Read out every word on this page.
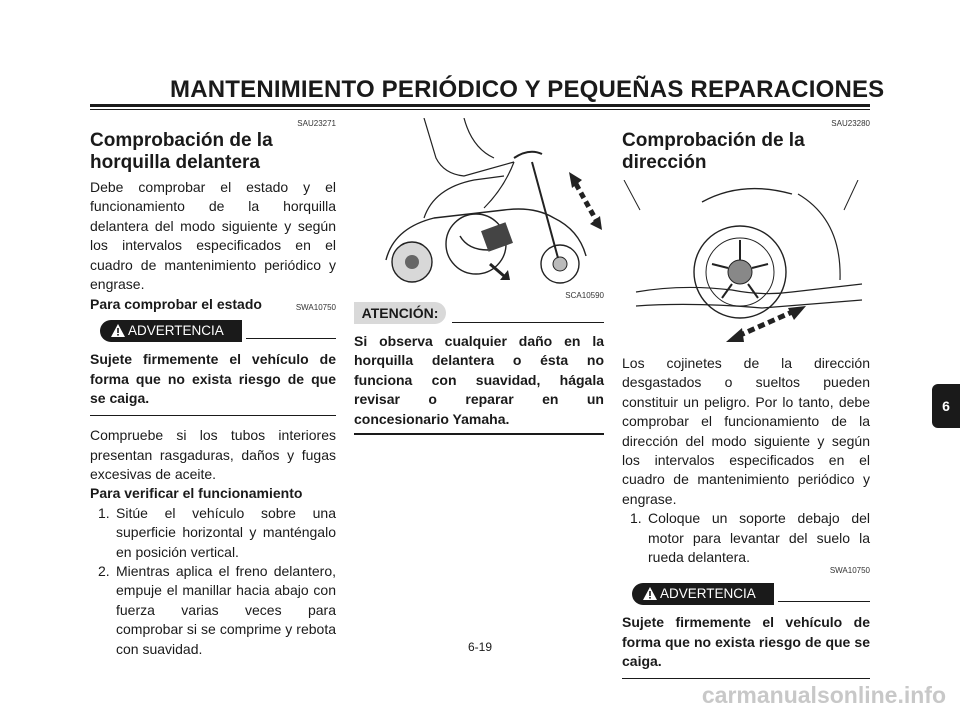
MANTENIMIENTO PERIÓDICO Y PEQUEÑAS REPARACIONES
SAU23271
Comprobación de la horquilla delantera

Debe comprobar el estado y el funcionamiento de la horquilla delantera del modo siguiente y según los intervalos especificados en el cuadro de mantenimiento periódico y engrase.

Para comprobar el estado	SWA10750
ADVERTENCIA

Sujete firmemente el vehículo de forma que no exista riesgo de que se caiga.

Compruebe si los tubos interiores presentan rasgaduras, daños y fugas excesivas de aceite.

Para verificar el funcionamiento

1. Sitúe el vehículo sobre una superficie horizontal y manténgalo en posición vertical.
2. Mientras aplica el freno delantero, empuje el manillar hacia abajo con fuerza varias veces para comprobar si se comprime y rebota con suavidad.
SCA10590
ATENCIÓN:

Si observa cualquier daño en la horquilla delantera o ésta no funciona con suavidad, hágala revisar o reparar en un concesionario Yamaha.

SAU23280
Comprobación de la dirección

Los cojinetes de la dirección desgastados o sueltos pueden constituir un peligro. Por lo tanto, debe comprobar el funcionamiento de la dirección del modo siguiente y según los intervalos especificados en el cuadro de mantenimiento periódico y engrase.

1. Coloque un soporte debajo del motor para levantar del suelo la rueda delantera.
SWA10750
ADVERTENCIA

Sujete firmemente el vehículo de forma que no exista riesgo de que se caiga.

6
6-19
carmanualsonline.info
